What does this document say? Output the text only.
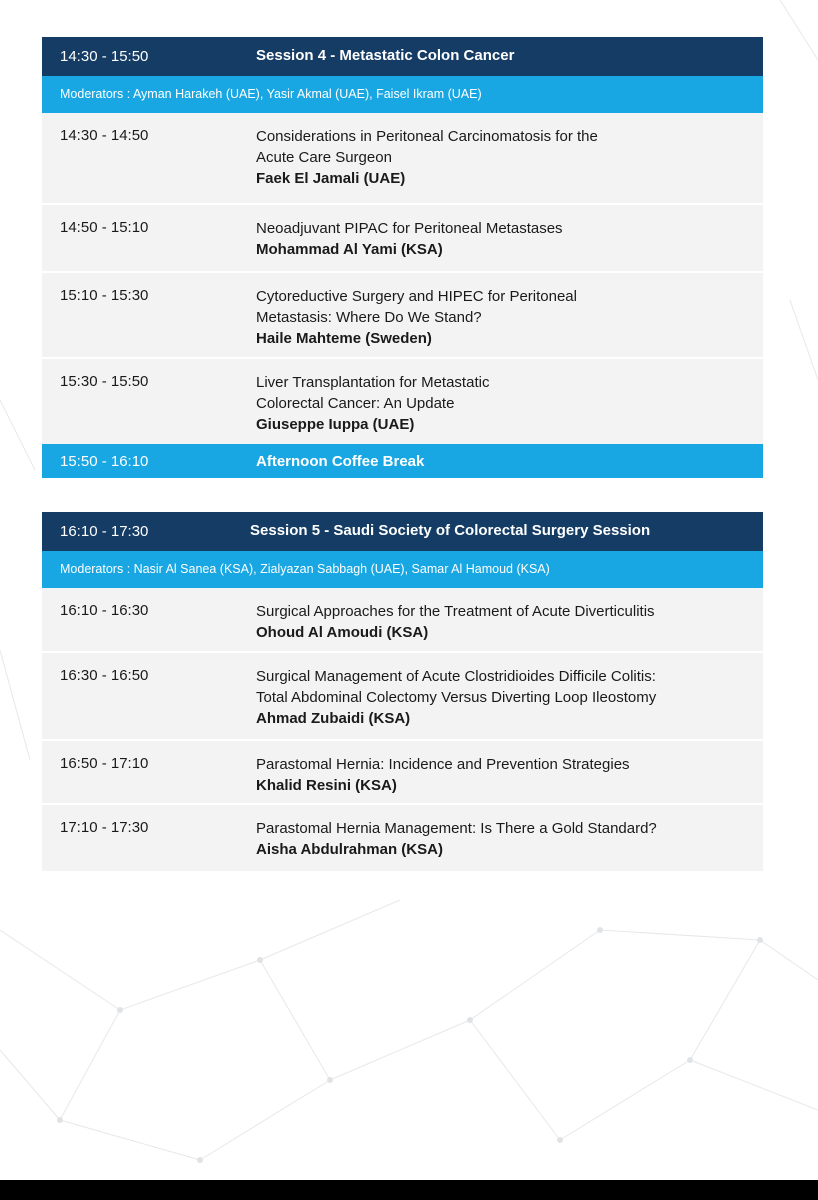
14:30 - 15:50	Session 4 - Metastatic Colon Cancer
Moderators : Ayman Harakeh (UAE), Yasir Akmal (UAE), Faisel Ikram (UAE)
14:30 - 14:50	Considerations in Peritoneal Carcinomatosis for the
Acute Care Surgeon
Faek El Jamali (UAE)
14:50 - 15:10	Neoadjuvant PIPAC for Peritoneal Metastases
Mohammad Al Yami (KSA)
15:10 - 15:30	Cytoreductive Surgery and HIPEC for Peritoneal
Metastasis: Where Do We Stand?
Haile Mahteme (Sweden)
15:30 - 15:50	Liver Transplantation for Metastatic
Colorectal Cancer: An Update
Giuseppe Iuppa (UAE)
15:50 - 16:10	Afternoon Coffee Break
16:10 - 17:30	Session 5 - Saudi Society of Colorectal Surgery Session
Moderators : Nasir Al Sanea (KSA), Zialyazan Sabbagh (UAE), Samar Al Hamoud (KSA)
16:10 - 16:30	Surgical Approaches for the Treatment of Acute Diverticulitis
Ohoud Al Amoudi (KSA)
16:30 - 16:50	Surgical Management of Acute Clostridioides Difficile Colitis:
Total Abdominal Colectomy Versus Diverting Loop Ileostomy
Ahmad Zubaidi (KSA)
16:50 - 17:10	Parastomal Hernia: Incidence and Prevention Strategies
Khalid Resini (KSA)
17:10 - 17:30	Parastomal Hernia Management: Is There a Gold Standard?
Aisha Abdulrahman (KSA)
